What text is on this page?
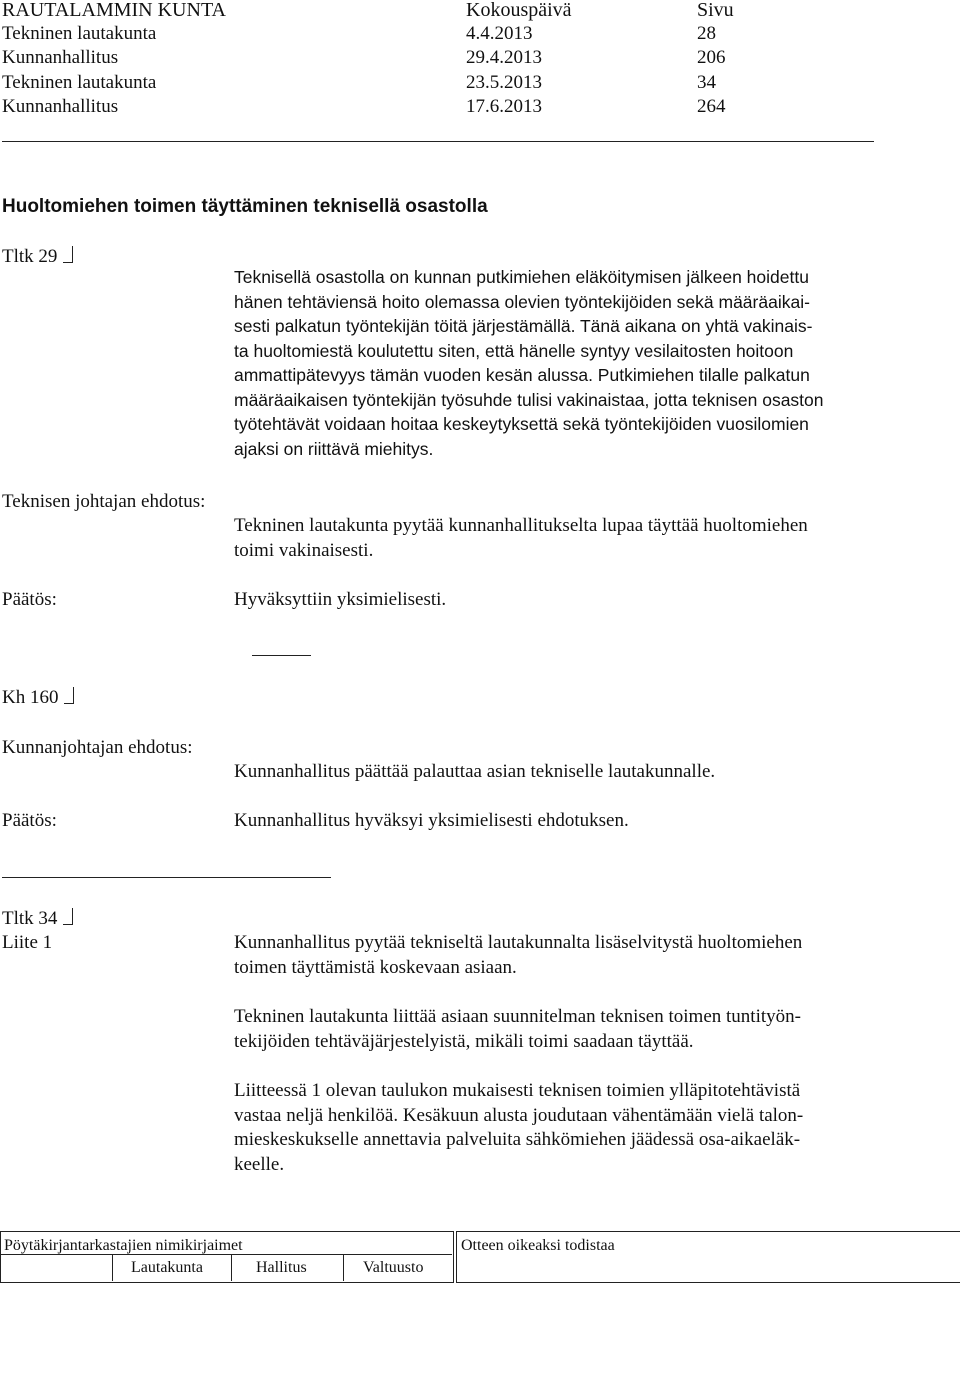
RAUTALAMMIN KUNTA	Kokouspäivä	Sivu
Tekninen lautakunta	4.4.2013	28
Kunnanhallitus	29.4.2013	206
Tekninen lautakunta	23.5.2013	34
Kunnanhallitus	17.6.2013	264
Huoltomiehen toimen täyttäminen teknisellä osastolla
Tltk 29
Teknisellä osastolla on kunnan putkimiehen eläköitymisen jälkeen hoidettu
hänen tehtäviensä hoito olemassa olevien työntekijöiden sekä määräaikai-
sesti palkatun työntekijän töitä järjestämällä. Tänä aikana on yhtä vakinais-
ta huoltomiestä koulutettu siten, että hänelle syntyy vesilaitosten hoitoon
ammattipätevyys tämän vuoden kesän alussa. Putkimiehen tilalle palkatun
määräaikaisen työntekijän työsuhde tulisi vakinaistaa, jotta teknisen osaston
työtehtävät voidaan hoitaa keskeytyksettä sekä työntekijöiden vuosilomien
ajaksi on riittävä miehitys.
Teknisen johtajan ehdotus:
Tekninen lautakunta pyytää kunnanhallitukselta lupaa täyttää huoltomiehen
toimi vakinaisesti.
Päätös:	Hyväksyttiin yksimielisesti.
Kh 160
Kunnanjohtajan ehdotus:
Kunnanhallitus päättää palauttaa asian tekniselle lautakunnalle.
Päätös:	Kunnanhallitus hyväksyi yksimielisesti ehdotuksen.
Tltk 34
Liite 1	Kunnanhallitus pyytää tekniseltä lautakunnalta lisäselvitystä huoltomiehen
toimen täyttämistä koskevaan asiaan.
Tekninen lautakunta liittää asiaan suunnitelman teknisen toimen tuntityön-
tekijöiden tehtäväjärjestelyistä, mikäli toimi saadaan täyttää.
Liitteessä 1 olevan taulukon mukaisesti teknisen toimien ylläpitotehtävistä
vastaa neljä henkilöä. Kesäkuun alusta joudutaan vähentämään vielä talon-
mieskeskukselle annettavia palveluita sähkömiehen jäädessä osa-aikaeläk-
keelle.
Pöytäkirjantarkastajien nimikirjaimet
Lautakunta	Hallitus	Valtuusto
Otteen oikeaksi todistaa
